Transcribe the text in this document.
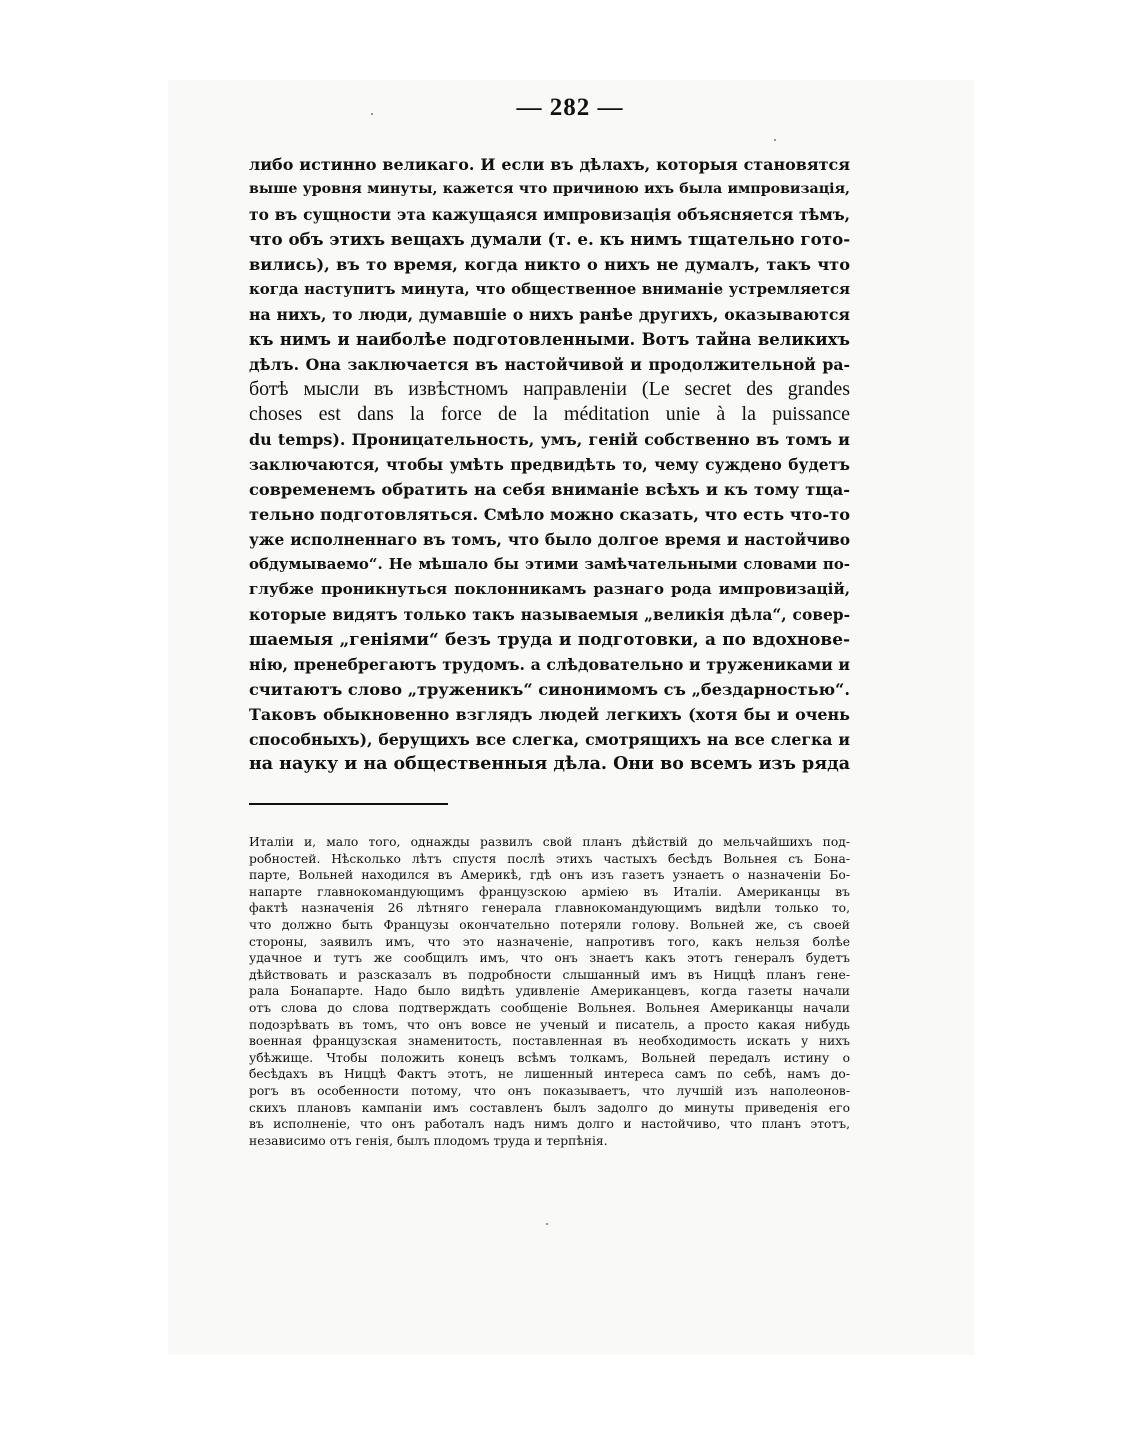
— 282 —
либо истинно великаго. И если въ дѣлахъ, которыя становятся
выше уровня минуты, кажется что причиною ихъ была импровизація,
то въ сущности эта кажущаяся импровизація объясняется тѣмъ,
что объ этихъ вещахъ думали (т. е. къ нимъ тщательно гото-
вились), въ то время, когда никто о нихъ не думалъ, такъ что
когда наступитъ минута, что общественное вниманіе устремляется
на нихъ, то люди, думавшіе о нихъ ранѣе другихъ, оказываются
къ нимъ и наиболѣе подготовленными. Вотъ тайна великихъ
дѣлъ. Она заключается въ настойчивой и продолжительной ра-
ботѣ мысли въ извѣстномъ направленіи (Le secret des grandes
choses est dans la force de la méditation unie à la puissance
du temps). Проницательность, умъ, геній собственно въ томъ и
заключаются, чтобы умѣть предвидѣть то, чему суждено будетъ
современемъ обратить на себя вниманіе всѣхъ и къ тому тща-
тельно подготовляться. Смѣло можно сказать, что есть что-то
уже исполненнаго въ томъ, что было долгое время и настойчиво
обдумываемо“. Не мѣшало бы этими замѣчательными словами по-
глубже проникнуться поклонникамъ разнаго рода импровизацій,
которые видятъ только такъ называемыя „великія дѣла“, совер-
шаемыя „геніями“ безъ труда и подготовки, а по вдохнове-
нію, пренебрегаютъ трудомъ. а слѣдовательно и тружениками и
считаютъ слово „труженикъ“ синонимомъ съ „бездарностью“.
Таковъ обыкновенно взглядъ людей легкихъ (хотя бы и очень
способныхъ), берущихъ все слегка, смотрящихъ на все слегка и
на науку и на общественныя дѣла. Они во всемъ изъ ряда
Италіи и, мало того, однажды развилъ свой планъ дѣйствій до мельчайшихъ под-
робностей. Нѣсколько лѣтъ спустя послѣ этихъ частыхъ бесѣдъ Вольнея съ Бона-
парте, Вольней находился въ Америкѣ, гдѣ онъ изъ газетъ узнаетъ о назначеніи Бо-
напарте главнокомандующимъ французскою арміею въ Италіи. Американцы въ
фактѣ назначенія 26 лѣтняго генерала главнокомандующимъ видѣли только то,
что должно быть Французы окончательно потеряли голову. Вольней же, съ своей
стороны, заявилъ имъ, что это назначеніе, напротивъ того, какъ нельзя болѣе
удачное и тутъ же сообщилъ имъ, что онъ знаетъ какъ этотъ генералъ будетъ
дѣйствовать и разсказалъ въ подробности слышанный имъ въ Ниццѣ планъ гене-
рала Бонапарте. Надо было видѣть удивленіе Американцевъ, когда газеты начали
отъ слова до слова подтверждать сообщеніе Вольнея. Вольнея Американцы начали
подозрѣвать въ томъ, что онъ вовсе не ученый и писатель, а просто какая нибудь
военная французская знаменитость, поставленная въ необходимость искать у нихъ
убѣжище. Чтобы положить конецъ всѣмъ толкамъ, Вольней передалъ истину о
бесѣдахъ въ Ниццѣ Фактъ этотъ, не лишенный интереса самъ по себѣ, намъ до-
рогъ въ особенности потому, что онъ показываетъ, что лучшій изъ наполеонов-
скихъ плановъ кампаніи имъ составленъ былъ задолго до минуты приведенія его
въ исполненіе, что онъ работалъ надъ нимъ долго и настойчиво, что планъ этотъ,
независимо отъ генія, былъ плодомъ труда и терпѣнія.
